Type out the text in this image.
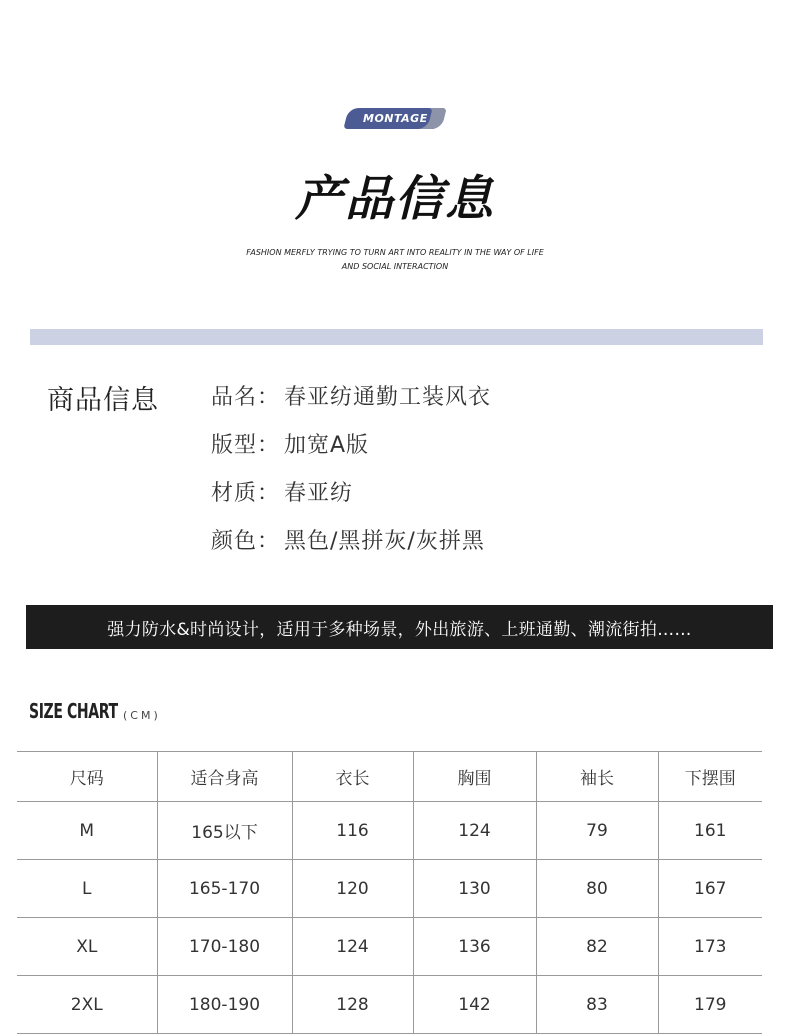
MONTAGE
产品信息
FASHION MERFLY TRYING TO TURN ART INTO REALITY IN THE WAY OF LIFE AND SOCIAL INTERACTION
商品信息 品名： 春亚纺通勤工装风衣
版型： 加宽A版
材质： 春亚纺
颜色： 黑色/黑拼灰/灰拼黑
强力防水&时尚设计，适用于多种场景，外出旅游、上班通勤、潮流街拍……
SIZE CHART (CM)
尺码	适合身高	衣长	胸围	袖长	下摆围
M	165以下	116	124	79	161
L	165-170	120	130	80	167
XL	170-180	124	136	82	173
2XL	180-190	128	142	83	179
